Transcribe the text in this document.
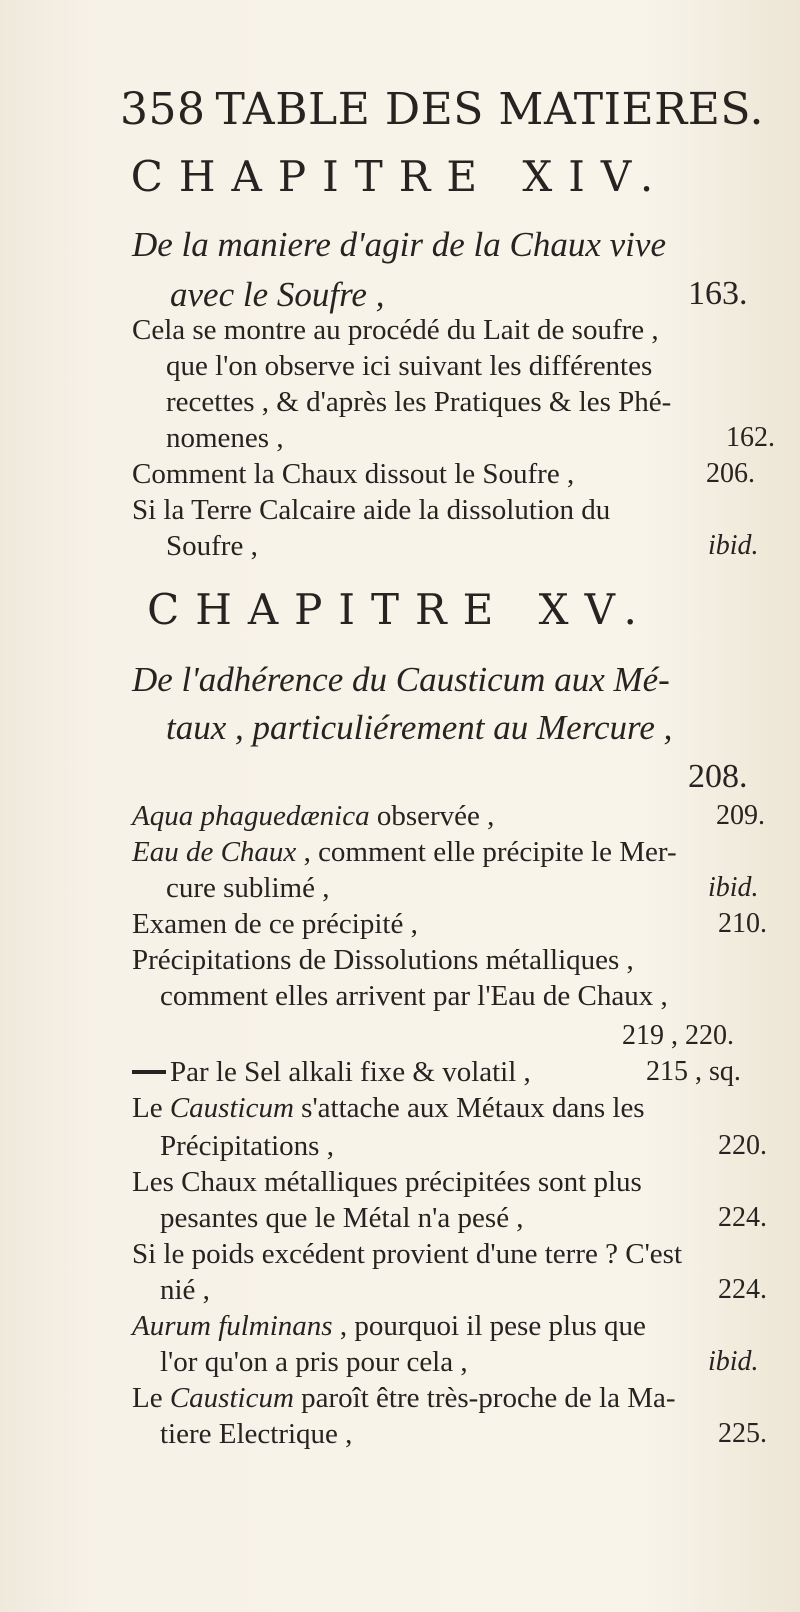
358 TABLE DES MATIERES.
CHAPITRE XIV.
De la maniere d'agir de la Chaux vive
avec le Soufre ,	163.
Cela se montre au procédé du Lait de soufre ,
que l'on observe ici suivant les différentes
recettes , & d'après les Pratiques & les Phé-
nomenes ,	162.
Comment la Chaux dissout le Soufre ,	206.
Si la Terre Calcaire aide la dissolution du
Soufre ,	ibid.
CHAPITRE XV.
De l'adhérence du Causticum aux Mé-
taux , particuliérement au Mercure ,
208.
Aqua phaguedænica observée ,	209.
Eau de Chaux , comment elle précipite le Mer-
cure sublimé ,	ibid.
Examen de ce précipité ,	210.
Précipitations de Dissolutions métalliques ,
comment elles arrivent par l'Eau de Chaux ,
219 , 220.
Par le Sel alkali fixe & volatil ,	215 , sq.
Le Causticum s'attache aux Métaux dans les
Précipitations ,	220.
Les Chaux métalliques précipitées sont plus
pesantes que le Métal n'a pesé ,	224.
Si le poids excédent provient d'une terre ? C'est
nié ,	224.
Aurum fulminans , pourquoi il pese plus que
l'or qu'on a pris pour cela ,	ibid.
Le Causticum paroît être très-proche de la Ma-
tiere Electrique ,	225.
